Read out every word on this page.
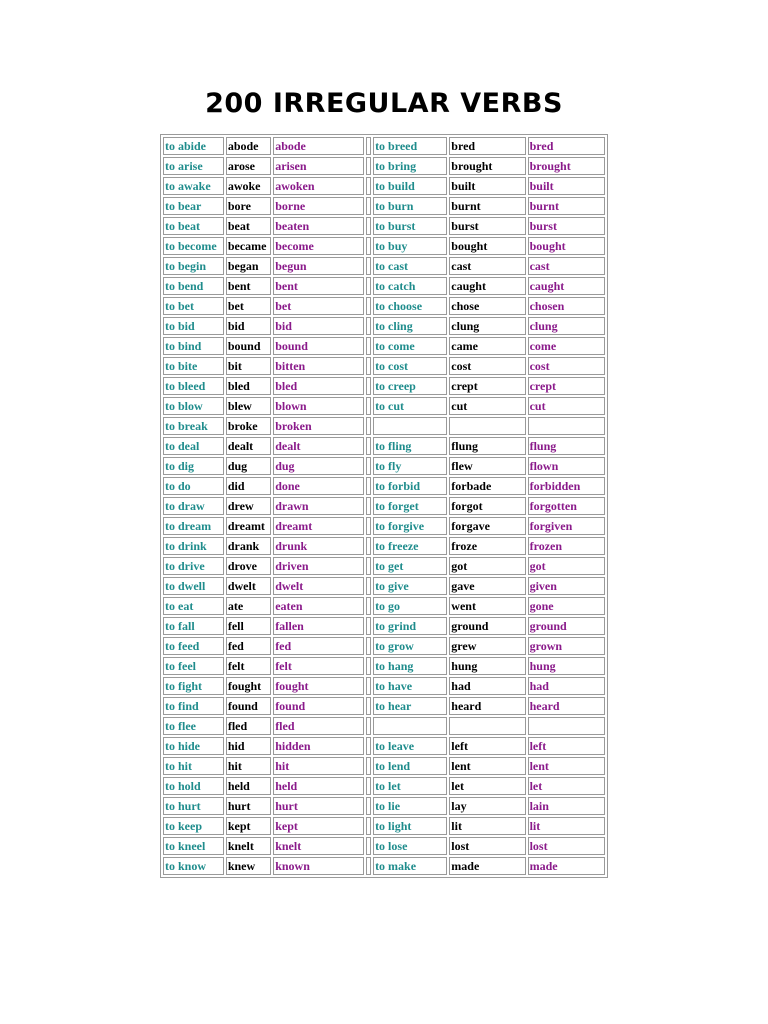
200 IRREGULAR VERBS
to abide	abode	abode		to breed	bred	bred
to arise	arose	arisen		to bring	brought	brought
to awake	awoke	awoken		to build	built	built
to bear	bore	borne		to burn	burnt	burnt
to beat	beat	beaten		to burst	burst	burst
to become	became	become		to buy	bought	bought
to begin	began	begun		to cast	cast	cast
to bend	bent	bent		to catch	caught	caught
to bet	bet	bet		to choose	chose	chosen
to bid	bid	bid		to cling	clung	clung
to bind	bound	bound		to come	came	come
to bite	bit	bitten		to cost	cost	cost
to bleed	bled	bled		to creep	crept	crept
to blow	blew	blown		to cut	cut	cut
to break	broke	broken				
to deal	dealt	dealt		to fling	flung	flung
to dig	dug	dug		to fly	flew	flown
to do	did	done		to forbid	forbade	forbidden
to draw	drew	drawn		to forget	forgot	forgotten
to dream	dreamt	dreamt		to forgive	forgave	forgiven
to drink	drank	drunk		to freeze	froze	frozen
to drive	drove	driven		to get	got	got
to dwell	dwelt	dwelt		to give	gave	given
to eat	ate	eaten		to go	went	gone
to fall	fell	fallen		to grind	ground	ground
to feed	fed	fed		to grow	grew	grown
to feel	felt	felt		to hang	hung	hung
to fight	fought	fought		to have	had	had
to find	found	found		to hear	heard	heard
to flee	fled	fled				
to hide	hid	hidden		to leave	left	left
to hit	hit	hit		to lend	lent	lent
to hold	held	held		to let	let	let
to hurt	hurt	hurt		to lie	lay	lain
to keep	kept	kept		to light	lit	lit
to kneel	knelt	knelt		to lose	lost	lost
to know	knew	known		to make	made	made
